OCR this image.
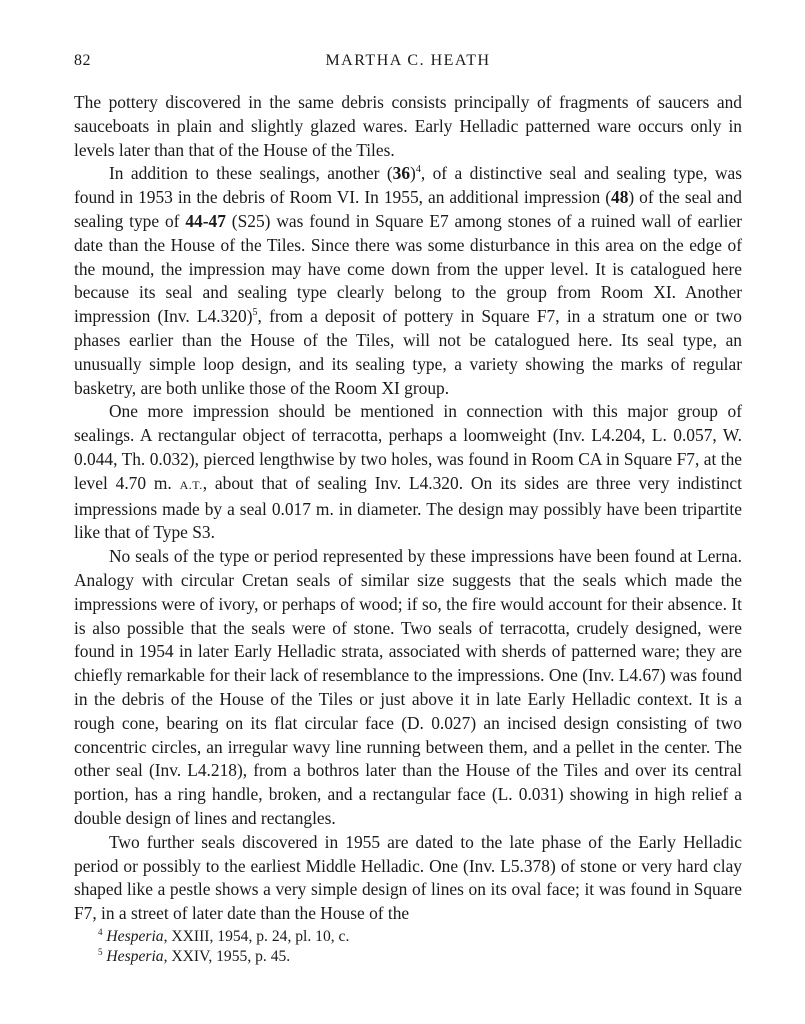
82	MARTHA C. HEATH

The pottery discovered in the same debris consists principally of fragments of saucers and sauceboats in plain and slightly glazed wares. Early Helladic patterned ware occurs only in levels later than that of the House of the Tiles.

In addition to these sealings, another $(36)^4$, of a distinctive seal and sealing type, was found in 1953 in the debris of Room VI. In 1955, an additional impression (48) of the seal and sealing type of 44-47 (S25) was found in Square E7 among stones of a ruined wall of earlier date than the House of the Tiles. Since there was some disturbance in this area on the edge of the mound, the impression may have come down from the upper level. It is catalogued here because its seal and sealing type clearly belong to the group from Room XI. Another impression (Inv. L4.320)$^5$, from a deposit of pottery in Square F7, in a stratum one or two phases earlier than the House of the Tiles, will not be catalogued here. Its seal type, an unusually simple loop design, and its sealing type, a variety showing the marks of regular basketry, are both unlike those of the Room XI group.

One more impression should be mentioned in connection with this major group of sealings. A rectangular object of terracotta, perhaps a loomweight (Inv. L4.204, L. 0.057, W. 0.044, Th. 0.032), pierced lengthwise by two holes, was found in Room CA in Square F7, at the level 4.70 m. A.T., about that of sealing Inv. L4.320. On its sides are three very indistinct impressions made by a seal 0.017 m. in diameter. The design may possibly have been tripartite like that of Type S3.

No seals of the type or period represented by these impressions have been found at Lerna. Analogy with circular Cretan seals of similar size suggests that the seals which made the impressions were of ivory, or perhaps of wood; if so, the fire would account for their absence. It is also possible that the seals were of stone. Two seals of terracotta, crudely designed, were found in 1954 in later Early Helladic strata, associated with sherds of patterned ware; they are chiefly remarkable for their lack of resemblance to the impressions. One (Inv. L4.67) was found in the debris of the House of the Tiles or just above it in late Early Helladic context. It is a rough cone, bearing on its flat circular face (D. 0.027) an incised design consisting of two concentric circles, an irregular wavy line running between them, and a pellet in the center. The other seal (Inv. L4.218), from a bothros later than the House of the Tiles and over its central portion, has a ring handle, broken, and a rectangular face (L. 0.031) showing in high relief a double design of lines and rectangles.

Two further seals discovered in 1955 are dated to the late phase of the Early Helladic period or possibly to the earliest Middle Helladic. One (Inv. L5.378) of stone or very hard clay shaped like a pestle shows a very simple design of lines on its oval face; it was found in Square F7, in a street of later date than the House of the

$^4$ Hesperia, XXIII, 1954, p. 24, pl. 10, c.
$^5$ Hesperia, XXIV, 1955, p. 45.
